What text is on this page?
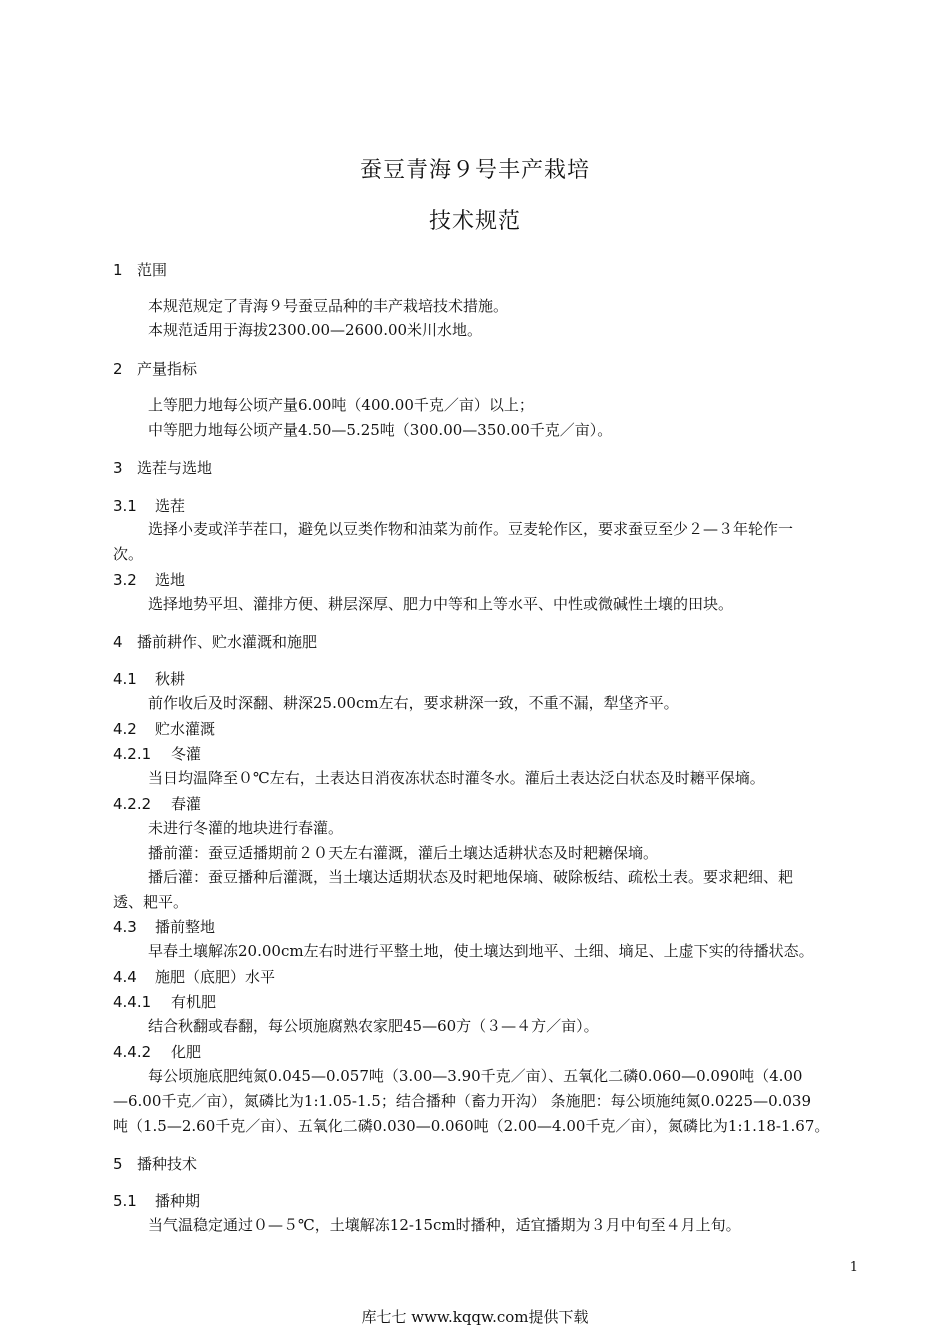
蚕豆青海９号丰产栽培
技术规范
1 范围
本规范规定了青海９号蚕豆品种的丰产栽培技术措施。
本规范适用于海拔2300.00—2600.00米川水地。
2 产量指标
上等肥力地每公顷产量6.00吨（400.00千克／亩）以上；
中等肥力地每公顷产量4.50—5.25吨（300.00—350.00千克／亩）。
3 选茬与选地
3.1 选茬
选择小麦或洋芋茬口，避免以豆类作物和油菜为前作。豆麦轮作区，要求蚕豆至少２—３年轮作一
次。
3.2 选地
选择地势平坦、灌排方便、耕层深厚、肥力中等和上等水平、中性或微碱性土壤的田块。
4 播前耕作、贮水灌溉和施肥
4.1 秋耕
前作收后及时深翻、耕深25.00cm左右，要求耕深一致，不重不漏，犁垡齐平。
4.2 贮水灌溉
4.2.1 冬灌
当日均温降至０℃左右，土表达日消夜冻状态时灌冬水。灌后土表达泛白状态及时耱平保墒。
4.2.2 春灌
未进行冬灌的地块进行春灌。
播前灌：蚕豆适播期前２０天左右灌溉，灌后土壤达适耕状态及时耙耱保墒。
播后灌：蚕豆播种后灌溉，当土壤达适期状态及时耙地保墒、破除板结、疏松土表。要求耙细、耙
透、耙平。
4.3 播前整地
早春土壤解冻20.00cm左右时进行平整土地，使土壤达到地平、土细、墒足、上虚下实的待播状态。
4.4 施肥（底肥）水平
4.4.1 有机肥
结合秋翻或春翻，每公顷施腐熟农家肥45—60方（３—４方／亩）。
4.4.2 化肥
每公顷施底肥纯氮0.045—0.057吨（3.00—3.90千克／亩）、五氧化二磷0.060—0.090吨（4.00
—6.00千克／亩），氮磷比为1:1.05-1.5；结合播种（畜力开沟） 条施肥：每公顷施纯氮0.0225—0.039
吨（1.5—2.60千克／亩）、五氧化二磷0.030—0.060吨（2.00—4.00千克／亩），氮磷比为1:1.18-1.67。
5 播种技术
5.1 播种期
当气温稳定通过０—５℃，土壤解冻12-15cm时播种，适宜播期为３月中旬至４月上旬。
1
库七七 www.kqqw.com提供下载
